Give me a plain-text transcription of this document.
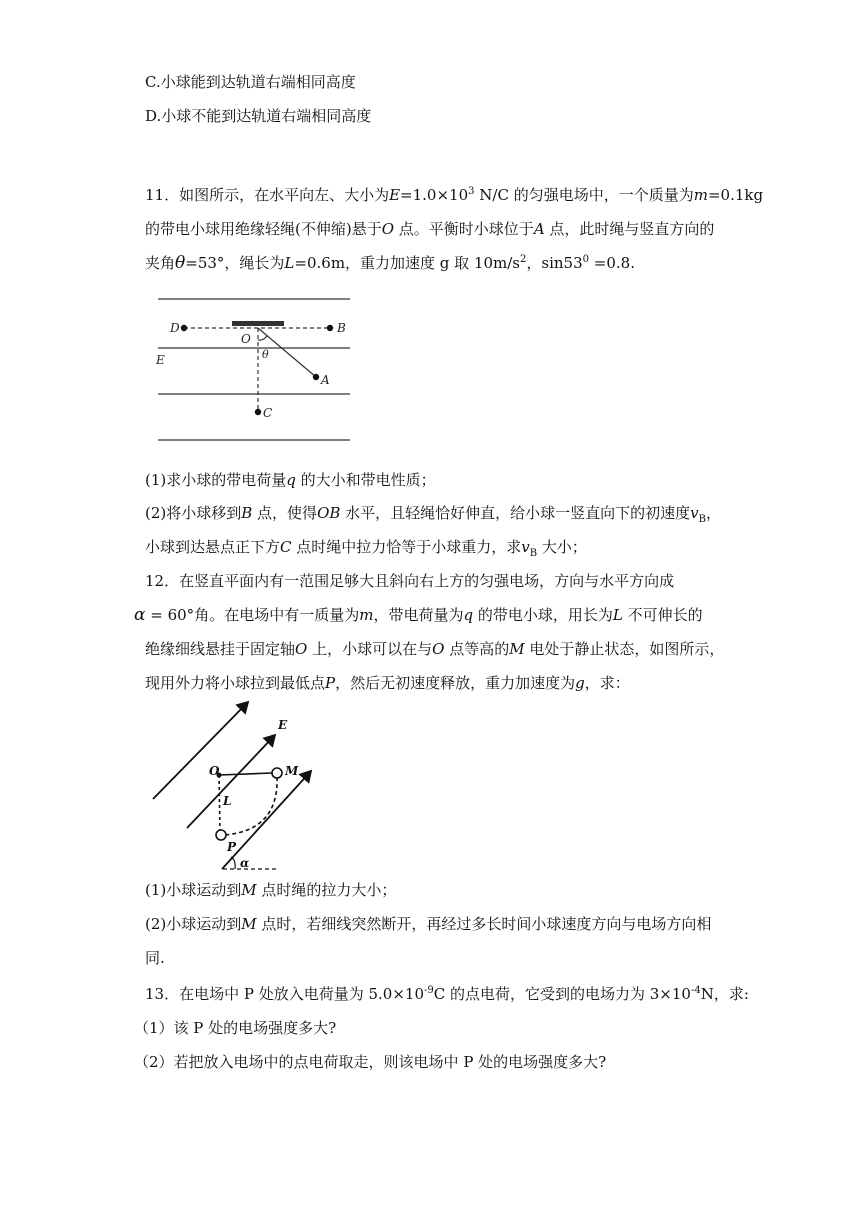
C.小球能到达轨道右端相同高度
D.小球不能到达轨道右端相同高度
11．如图所示，在水平向左、大小为$E=1.0\times 10^3$ N/C 的匀强电场中，一个质量为m=0.1kg
的带电小球用绝缘轻绳(不伸缩)悬于O 点。平衡时小球位于A 点，此时绳与竖直方向的
夹角θ=53°，绳长为L=0.6m，重力加速度 g 取 $10m/s^2$，$\sin 53^0 =0.8$.
D
O
B
E	θ
A
C
(1)求小球的带电荷量q 的大小和带电性质；
(2)将小球移到B 点，使得OB 水平，且轻绳恰好伸直，给小球一竖直向下的初速度$v_B$，
小球到达悬点正下方C 点时绳中拉力恰等于小球重力，求$v_B$ 大小；
12．在竖直平面内有一范围足够大且斜向右上方的匀强电场，方向与水平方向成
α = 60°角。在电场中有一质量为m，带电荷量为q 的带电小球，用长为L 不可伸长的
绝缘细线悬挂于固定轴O 上，小球可以在与O 点等高的M 电处于静止状态，如图所示，
现用外力将小球拉到最低点P，然后无初速度释放，重力加速度为g，求：
E
O	M
L
P
α
(1)小球运动到M 点时绳的拉力大小；
(2)小球运动到M 点时，若细线突然断开，再经过多长时间小球速度方向与电场方向相
同.
13．在电场中 P 处放入电荷量为 $5.0\times 10^{-9}C$ 的点电荷，它受到的电场力为 $3\times 10^{-4}N$，求:
（1）该 P 处的电场强度多大?
（2）若把放入电场中的点电荷取走，则该电场中 P 处的电场强度多大?
